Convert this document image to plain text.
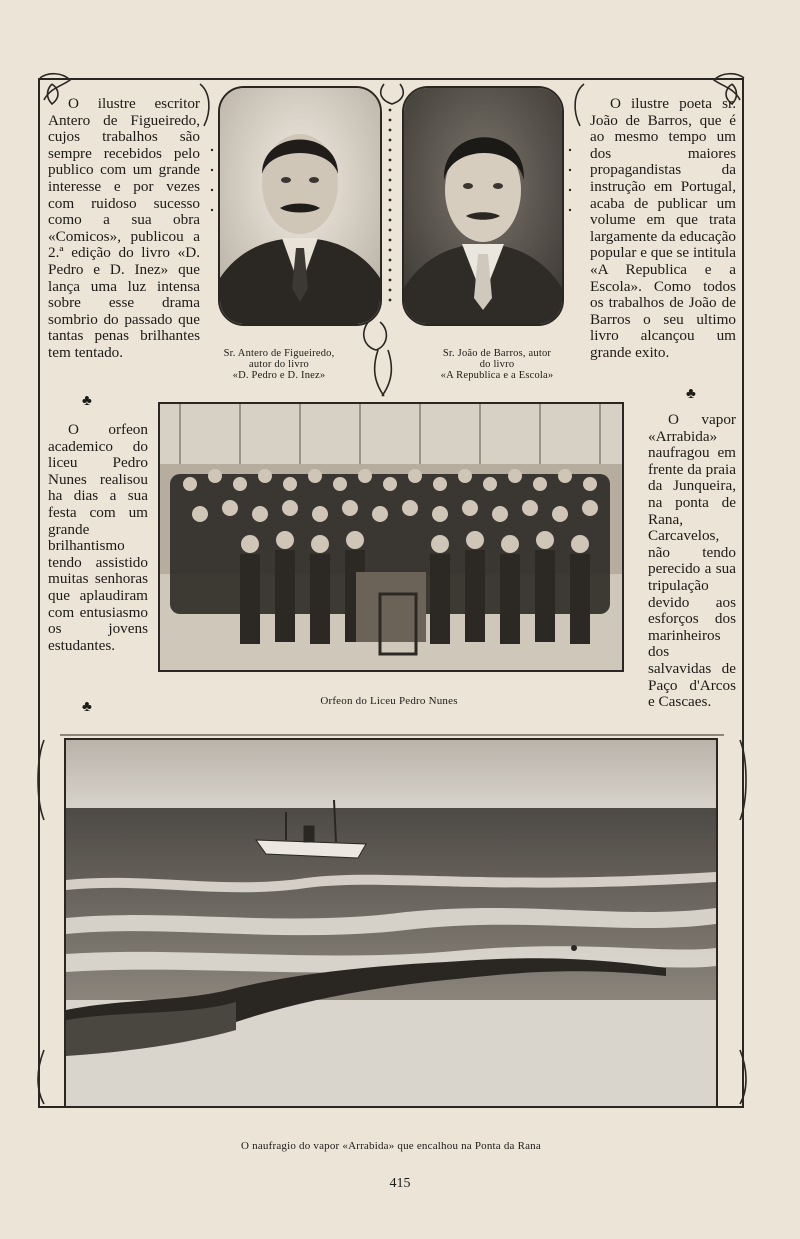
O ilustre escritor Antero de Figueiredo, cujos trabalhos são sempre recebidos pelo publico com um grande interesse e por vezes com ruidoso sucesso como a sua obra «Comicos», publicou a 2.ª edição do livro «D. Pedro e D. Inez» que lança uma luz intensa sobre esse drama sombrio do passado que tantas penas brilhantes tem tentado.

O ilustre poeta sr. João de Barros, que é ao mesmo tempo um dos maiores propagandistas da instrução em Portugal, acaba de publicar um volume em que trata largamente da educação popular e que se intitula «A Republica e a Escola». Como todos os trabalhos de João de Barros o seu ultimo livro alcançou um grande exito.

Sr. Antero de Figueiredo,
autor do livro
«D. Pedro e D. Inez»
Sr. João de Barros, autor
do livro
«A Republica e a Escola»
♣	♣
♣

O orfeon academico do liceu Pedro Nunes realisou ha dias a sua festa com um grande brilhantismo tendo assistido muitas senhoras que aplaudiram com entusiasmo os jovens estudantes.

O vapor «Arrabida» naufragou em frente da praia da Junqueira, na ponta de Rana, Carcavelos, não tendo perecido a sua tripulação devido aos esforços dos marinheiros dos salvavidas de Paço d'Arcos e Cascaes.

Orfeon do Liceu Pedro Nunes
O naufragio do vapor «Arrabida» que encalhou na Ponta da Rana
415
